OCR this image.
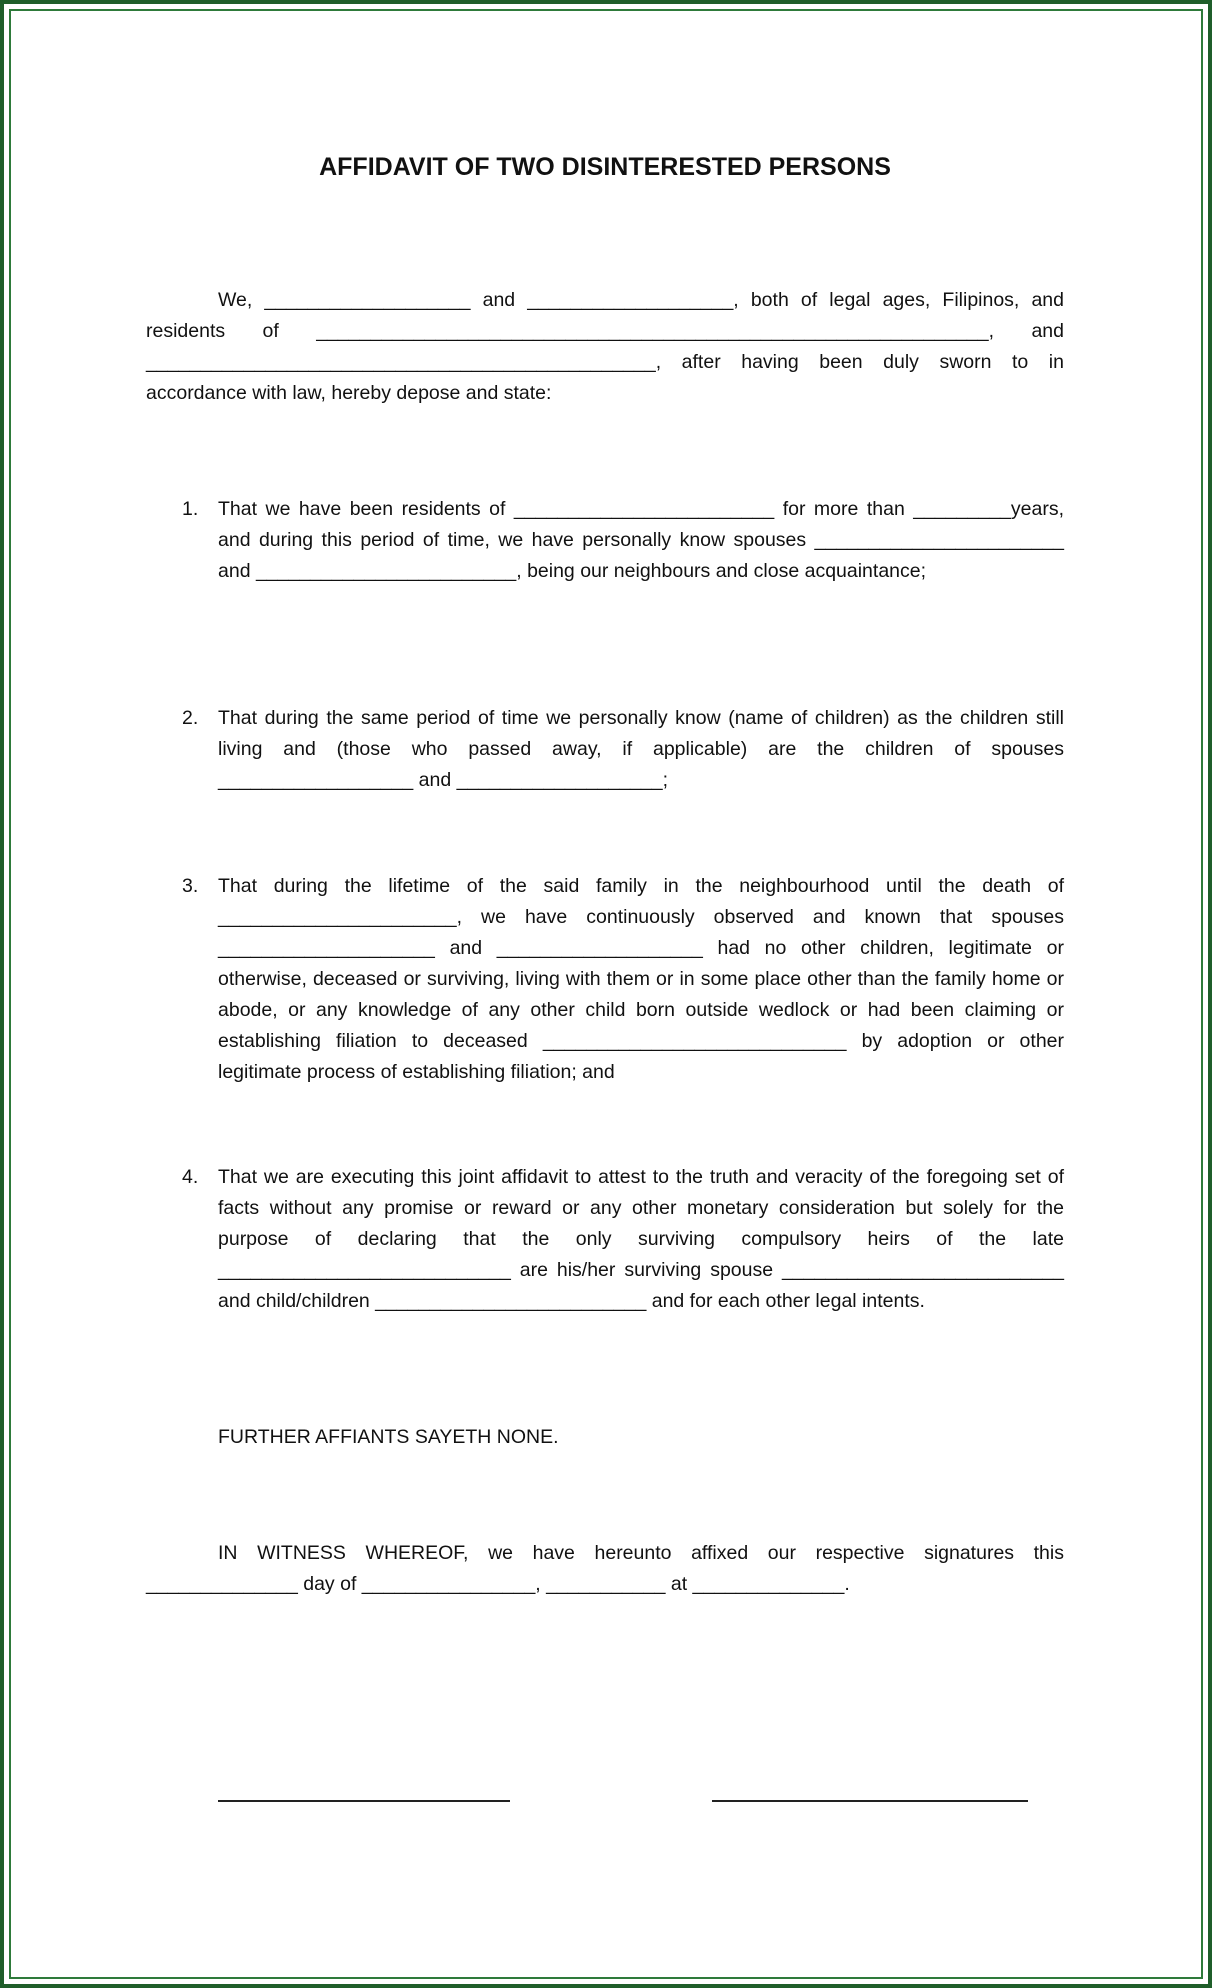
AFFIDAVIT OF TWO DISINTERESTED PERSONS

We, ___________________ and ___________________, both of legal ages, Filipinos, and residents of ______________________________________________________________, and _______________________________________________, after having been duly sworn to in accordance with law, hereby depose and state:

1. That we have been residents of ________________________ for more than _________years, and during this period of time, we have personally know spouses _______________________ and ________________________, being our neighbours and close acquaintance;
2. That during the same period of time we personally know (name of children) as the children still living and (those who passed away, if applicable) are the children of spouses __________________ and ___________________;
3. That during the lifetime of the said family in the neighbourhood until the death of ______________________, we have continuously observed and known that spouses ____________________ and ___________________ had no other children, legitimate or otherwise, deceased or surviving, living with them or in some place other than the family home or abode, or any knowledge of any other child born outside wedlock or had been claiming or establishing filiation to deceased ____________________________ by adoption or other legitimate process of establishing filiation; and
4. That we are executing this joint affidavit to attest to the truth and veracity of the foregoing set of facts without any promise or reward or any other monetary consideration but solely for the purpose of declaring that the only surviving compulsory heirs of the late ___________________________ are his/her surviving spouse __________________________ and child/children _________________________ and for each other legal intents.
FURTHER AFFIANTS SAYETH NONE.

IN WITNESS WHEREOF, we have hereunto affixed our respective signatures this ______________ day of ________________, ___________ at ______________.
